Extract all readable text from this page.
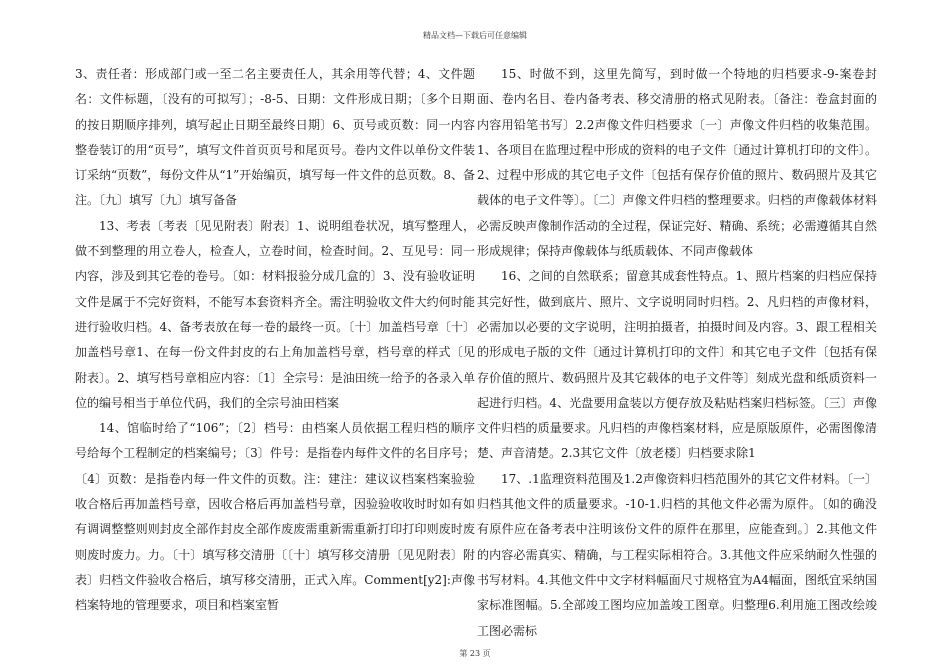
精品文档—下载后可任意编辑

3、责任者：形成部门或一至二名主要责任人，其余用等代替；4、文件题名：文件标题，〔没有的可拟写〕；-8-5、日期：文件形成日期；〔多个日期的按日期顺序排列，填写起止日期至最终日期〕6、页号或页数：同一内容整卷装订的用“页号”，填写文件首页页号和尾页号。卷内文件以单份文件装订采纳“页数”，每份文件从“1”开始编页，填写每一件文件的总页数。8、备注。〔九〕填写〔九〕填写备备

13、考表〔考表〔见见附表〕附表〕1、说明组卷状况，填写整理人，做不到整理的用立卷人，检查人，立卷时间，检查时间。2、互见号：同一内容，涉及到其它卷的卷号。〔如：材料报验分成几盒的〕3、没有验收证明文件是属于不完好资料，不能写本套资料齐全。需注明验收文件大约何时能进行验收归档。4、备考表放在每一卷的最终一页。〔十〕加盖档号章〔十〕加盖档号章1、在每一份文件封皮的右上角加盖档号章，档号章的样式〔见附表〕。2、填写档号章相应内容：〔1〕全宗号：是油田统一给予的各录入单位的编号相当于单位代码，我们的全宗号油田档案

14、馆临时给了“106”；〔2〕档号：由档案人员依据工程归档的顺序号给每个工程制定的档案编号；〔3〕件号：是指卷内每件文件的名目序号；〔4〕页数：是指卷内每一件文件的页数。注：建注：建议议档案档案验验收合格后再加盖档号章，因收合格后再加盖档号章，因验验收收时时如有如有调调整整则则封皮全部作封皮全部作废废需重新需重新打印打印则废时废则废时废力。力。〔十〕填写移交清册〔〔十〕填写移交清册〔见见附表〕附表〕归档文件验收合格后，填写移交清册，正式入库。Comment[y2]:声像档案特地的管理要求，项目和档案室暂

15、时做不到，这里先简写，到时做一个特地的归档要求-9-案卷封面、卷内名目、卷内备考表、移交清册的格式见附表。〔备注：卷盒封面的内容用铅笔书写〕2.2声像文件归档要求〔一〕声像文件归档的收集范围。1、各项目在监理过程中形成的资料的电子文件〔通过计算机打印的文件〕。2、过程中形成的其它电子文件〔包括有保存价值的照片、数码照片及其它载体的电子文件等〕。〔二〕声像文件归档的整理要求。归档的声像载体材料必需反映声像制作活动的全过程，保证完好、精确、系统；必需遵循其自然形成规律；保持声像载体与纸质载体、不同声像载体

16、之间的自然联系；留意其成套性特点。1、照片档案的归档应保持其完好性，做到底片、照片、文字说明同时归档。2、凡归档的声像材料，必需加以必要的文字说明，注明拍摄者，拍摄时间及内容。3、跟工程相关的形成电子版的文件〔通过计算机打印的文件〕和其它电子文件〔包括有保存价值的照片、数码照片及其它载体的电子文件等〕刻成光盘和纸质资料一起进行归档。4、光盘要用盒装以方便存放及粘贴档案归档标签。〔三〕声像文件归档的质量要求。凡归档的声像档案材料，应是原版原件，必需图像清楚、声音清楚。2.3其它文件〔放老楼〕归档要求除1

17、.1监理资料范围及1.2声像资料归档范围外的其它文件材料。〔一〕归档其他文件的质量要求。-10-1.归档的其他文件必需为原件。〔如的确没有原件应在备考表中注明该份文件的原件在那里，应能查到。〕2.其他文件的内容必需真实、精确，与工程实际相符合。3.其他文件应采纳耐久性强的书写材料。4.其他文件中文字材料幅面尺寸规格宜为A4幅面，图纸宜采纳国家标准图幅。5.全部竣工图均应加盖竣工图章。归整理6.利用施工图改绘竣工图必需标

第 23 页
